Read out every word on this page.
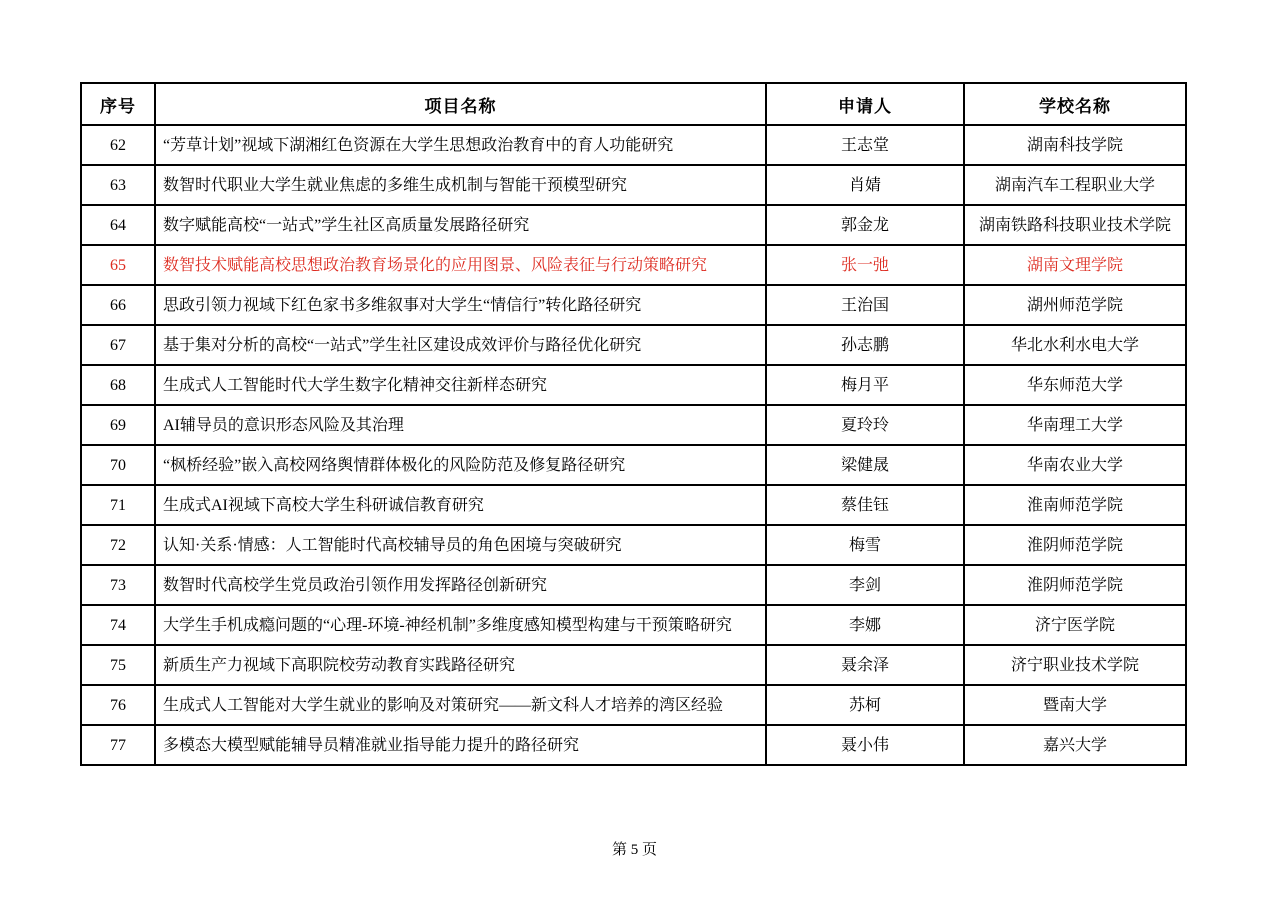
序号	项目名称	申请人	学校名称
62	“芳草计划”视域下湖湘红色资源在大学生思想政治教育中的育人功能研究	王志堂	湖南科技学院
63	数智时代职业大学生就业焦虑的多维生成机制与智能干预模型研究	肖婧	湖南汽车工程职业大学
64	数字赋能高校“一站式”学生社区高质量发展路径研究	郭金龙	湖南铁路科技职业技术学院
65	数智技术赋能高校思想政治教育场景化的应用图景、风险表征与行动策略研究	张一弛	湖南文理学院
66	思政引领力视域下红色家书多维叙事对大学生“情信行”转化路径研究	王治国	湖州师范学院
67	基于集对分析的高校“一站式”学生社区建设成效评价与路径优化研究	孙志鹏	华北水利水电大学
68	生成式人工智能时代大学生数字化精神交往新样态研究	梅月平	华东师范大学
69	AI辅导员的意识形态风险及其治理	夏玲玲	华南理工大学
70	“枫桥经验”嵌入高校网络舆情群体极化的风险防范及修复路径研究	梁健晟	华南农业大学
71	生成式AI视域下高校大学生科研诚信教育研究	蔡佳钰	淮南师范学院
72	认知·关系·情感：人工智能时代高校辅导员的角色困境与突破研究	梅雪	淮阴师范学院
73	数智时代高校学生党员政治引领作用发挥路径创新研究	李剑	淮阴师范学院
74	大学生手机成瘾问题的“心理-环境-神经机制”多维度感知模型构建与干预策略研究	李娜	济宁医学院
75	新质生产力视域下高职院校劳动教育实践路径研究	聂余泽	济宁职业技术学院
76	生成式人工智能对大学生就业的影响及对策研究——新文科人才培养的湾区经验	苏柯	暨南大学
77	多模态大模型赋能辅导员精准就业指导能力提升的路径研究	聂小伟	嘉兴大学
第 5 页
